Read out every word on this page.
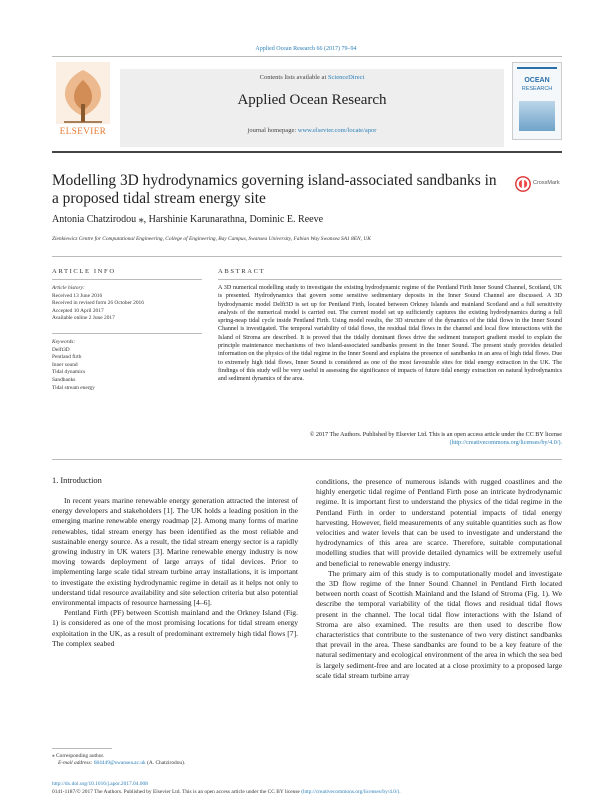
Applied Ocean Research 66 (2017) 79–94
ELSEVIER
Contents lists available at ScienceDirect
Applied Ocean Research
journal homepage: www.elsevier.com/locate/apor
OCEAN
RESEARCH
Modelling 3D hydrodynamics governing island-associated sandbanks in a proposed tidal stream energy site
CrossMark
Antonia Chatzirodou ⁎, Harshinie Karunarathna, Dominic E. Reeve
Zienkiewicz Centre for Computational Engineering, College of Engineering, Bay Campus, Swansea University, Fabian Way Swansea SA1 8EN, UK
ARTICLE INFO
Article history:
Received 13 June 2016
Received in revised form 26 October 2016
Accepted 10 April 2017
Available online 2 June 2017
Keywords:
Delft3D
Pentland firth
Inner sound
Tidal dynamics
Sandbanks
Tidal stream energy
ABSTRACT
A 3D numerical modelling study to investigate the existing hydrodynamic regime of the Pentland Firth Inner Sound Channel, Scotland, UK is presented. Hydrodynamics that govern some sensitive sedimentary deposits in the Inner Sound Channel are discussed. A 3D hydrodynamic model Delft3D is set up for Pentland Firth, located between Orkney Islands and mainland Scotland and a full sensitivity analysis of the numerical model is carried out. The current model set up sufficiently captures the existing hydrodynamics during a full spring-neap tidal cycle inside Pentland Firth. Using model results, the 3D structure of the dynamics of the tidal flows in the Inner Sound Channel is investigated. The temporal variability of tidal flows, the residual tidal flows in the channel and local flow interactions with the Island of Stroma are described. It is proved that the tidally dominant flows drive the sediment transport gradient model to explain the principle maintenance mechanisms of two island-associated sandbanks present in the Inner Sound. The present study provides detailed information on the physics of the tidal regime in the Inner Sound and explains the presence of sandbanks in an area of high tidal flows. Due to extremely high tidal flows, Inner Sound is considered as one of the most favourable sites for tidal energy extraction in the UK. The findings of this study will be very useful in assessing the significance of impacts of future tidal energy extraction on natural hydrodynamics and sediment dynamics of the area.
© 2017 The Authors. Published by Elsevier Ltd. This is an open access article under the CC BY license (http://creativecommons.org/licenses/by/4.0/).
1. Introduction

In recent years marine renewable energy generation attracted the interest of energy developers and stakeholders [1]. The UK holds a leading position in the emerging marine renewable energy roadmap [2]. Among many forms of marine renewables, tidal stream energy has been identified as the most reliable and sustainable energy source. As a result, the tidal stream energy sector is a rapidly growing industry in UK waters [3]. Marine renewable energy industry is now moving towards deployment of large arrays of tidal devices. Prior to implementing large scale tidal stream turbine array installations, it is important to investigate the existing hydrodynamic regime in detail as it helps not only to understand tidal resource availability and site selection criteria but also potential environmental impacts of resource harnessing [4–6].

Pentland Firth (PF) between Scottish mainland and the Orkney Island (Fig. 1) is considered as one of the most promising locations for tidal stream energy exploitation in the UK, as a result of predominant extremely high tidal flows [7]. The complex seabed

conditions, the presence of numerous islands with rugged coastlines and the highly energetic tidal regime of Pentland Firth pose an intricate hydrodynamic regime. It is important first to understand the physics of the tidal regime in the Pentland Firth in order to understand potential impacts of tidal energy harvesting. However, field measurements of any suitable quantities such as flow velocities and water levels that can be used to investigate and understand the hydrodynamics of this area are scarce. Therefore, suitable computational modelling studies that will provide detailed dynamics will be extremely useful and beneficial to renewable energy industry.

The primary aim of this study is to computationally model and investigate the 3D flow regime of the Inner Sound Channel in Pentland Firth located between north coast of Scottish Mainland and the Island of Stroma (Fig. 1). We describe the temporal variability of the tidal flows and residual tidal flows present in the channel. The local tidal flow interactions with the Island of Stroma are also examined. The results are then used to describe flow characteristics that contribute to the sustenance of two very distinct sandbanks that prevail in the area. These sandbanks are found to be a key feature of the natural sedimentary and ecological environment of the area in which the sea bed is largely sediment-free and are located at a close proximity to a proposed large scale tidal stream turbine array

⁎ Corresponding author.
E-mail address: 684449@swansea.ac.uk (A. Chatzirodou).
http://dx.doi.org/10.1016/j.apor.2017.04.008
0141-1187/© 2017 The Authors. Published by Elsevier Ltd. This is an open access article under the CC BY license (http://creativecommons.org/licenses/by/4.0/).
